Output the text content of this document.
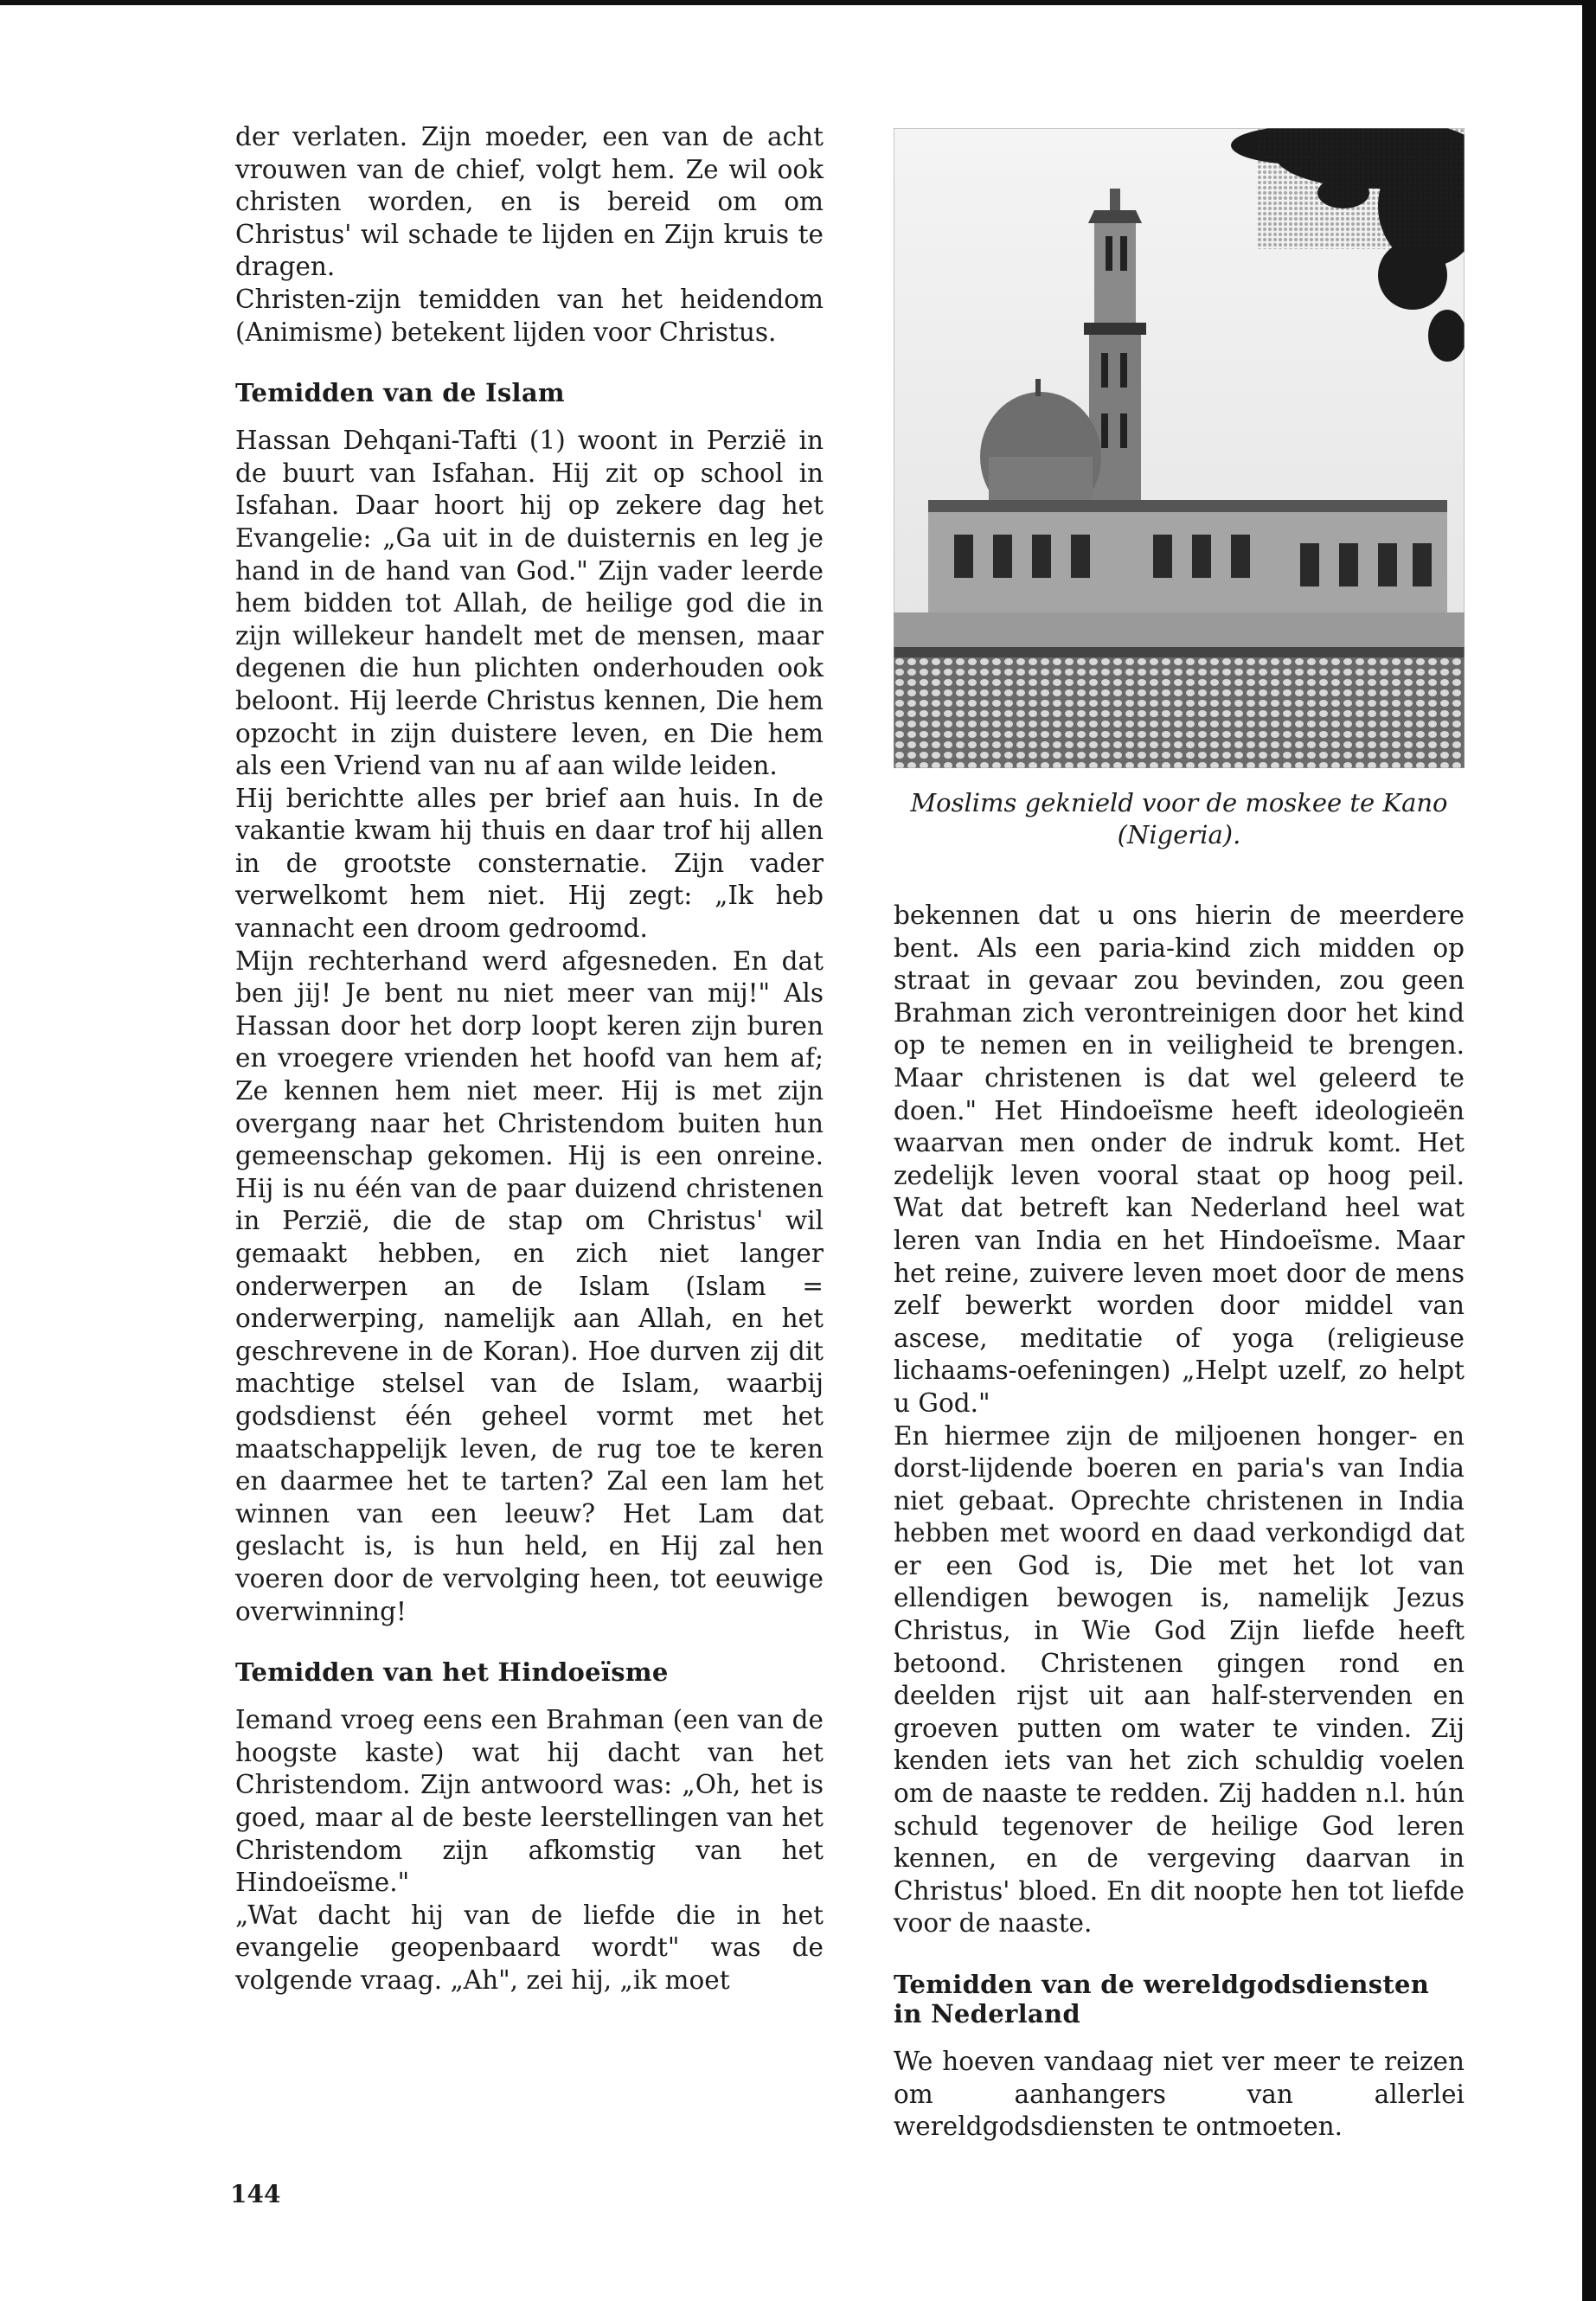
der verlaten. Zijn moeder, een van de acht vrouwen van de chief, volgt hem. Ze wil ook christen worden, en is bereid om om Christus' wil schade te lijden en Zijn kruis te dragen.

Christen-zijn temidden van het heidendom (Animisme) betekent lijden voor Christus.

Temidden van de Islam

Hassan Dehqani-Tafti (1) woont in Perzië in de buurt van Isfahan. Hij zit op school in Isfahan. Daar hoort hij op zekere dag het Evangelie: „Ga uit in de duisternis en leg je hand in de hand van God." Zijn vader leerde hem bidden tot Allah, de heilige god die in zijn willekeur handelt met de mensen, maar degenen die hun plichten onderhouden ook beloont. Hij leerde Christus kennen, Die hem opzocht in zijn duistere leven, en Die hem als een Vriend van nu af aan wilde leiden.

Hij berichtte alles per brief aan huis. In de vakantie kwam hij thuis en daar trof hij allen in de grootste consternatie. Zijn vader verwelkomt hem niet. Hij zegt: „Ik heb vannacht een droom gedroomd.

Mijn rechterhand werd afgesneden. En dat ben jij! Je bent nu niet meer van mij!" Als Hassan door het dorp loopt keren zijn buren en vroegere vrienden het hoofd van hem af; Ze kennen hem niet meer. Hij is met zijn overgang naar het Christendom buiten hun gemeenschap gekomen. Hij is een onreine. Hij is nu één van de paar duizend christenen in Perzië, die de stap om Christus' wil gemaakt hebben, en zich niet langer onderwerpen an de Islam (Islam = onderwerping, namelijk aan Allah, en het geschrevene in de Koran). Hoe durven zij dit machtige stelsel van de Islam, waarbij godsdienst één geheel vormt met het maatschappelijk leven, de rug toe te keren en daarmee het te tarten? Zal een lam het winnen van een leeuw? Het Lam dat geslacht is, is hun held, en Hij zal hen voeren door de vervolging heen, tot eeuwige overwinning!

Temidden van het Hindoeïsme

Iemand vroeg eens een Brahman (een van de hoogste kaste) wat hij dacht van het Christendom. Zijn antwoord was: „Oh, het is goed, maar al de beste leerstellingen van het Christendom zijn afkomstig van het Hindoeïsme."

„Wat dacht hij van de liefde die in het evangelie geopenbaard wordt" was de volgende vraag. „Ah", zei hij, „ik moet

Moslims geknield voor de moskee te Kano (Nigeria).

bekennen dat u ons hierin de meerdere bent. Als een paria-kind zich midden op straat in gevaar zou bevinden, zou geen Brahman zich verontreinigen door het kind op te nemen en in veiligheid te brengen. Maar christenen is dat wel geleerd te doen." Het Hindoeïsme heeft ideologieën waarvan men onder de indruk komt. Het zedelijk leven vooral staat op hoog peil. Wat dat betreft kan Nederland heel wat leren van India en het Hindoeïsme. Maar het reine, zuivere leven moet door de mens zelf bewerkt worden door middel van ascese, meditatie of yoga (religieuse lichaams-oefeningen) „Helpt uzelf, zo helpt u God."

En hiermee zijn de miljoenen honger- en dorst-lijdende boeren en paria's van India niet gebaat. Oprechte christenen in India hebben met woord en daad verkondigd dat er een God is, Die met het lot van ellendigen bewogen is, namelijk Jezus Christus, in Wie God Zijn liefde heeft betoond. Christenen gingen rond en deelden rijst uit aan half-stervenden en groeven putten om water te vinden. Zij kenden iets van het zich schuldig voelen om de naaste te redden. Zij hadden n.l. hún schuld tegenover de heilige God leren kennen, en de vergeving daarvan in Christus' bloed. En dit noopte hen tot liefde voor de naaste.

Temidden van de wereldgodsdiensten in Nederland

We hoeven vandaag niet ver meer te reizen om aanhangers van allerlei wereldgodsdiensten te ontmoeten.

144
